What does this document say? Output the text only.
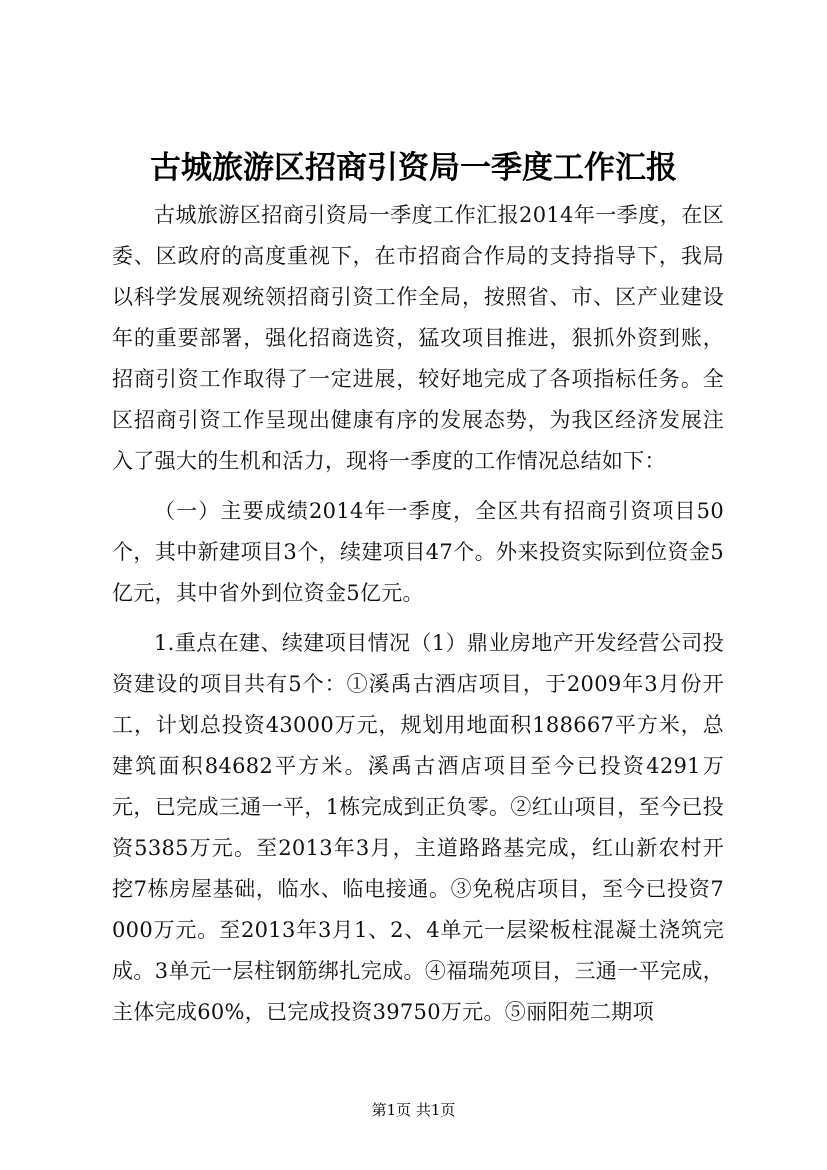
古城旅游区招商引资局一季度工作汇报

古城旅游区招商引资局一季度工作汇报2014年一季度，在区委、区政府的高度重视下，在市招商合作局的支持指导下，我局以科学发展观统领招商引资工作全局，按照省、市、区产业建设年的重要部署，强化招商选资，猛攻项目推进，狠抓外资到账，招商引资工作取得了一定进展，较好地完成了各项指标任务。全区招商引资工作呈现出健康有序的发展态势，为我区经济发展注入了强大的生机和活力，现将一季度的工作情况总结如下：

（一）主要成绩2014年一季度，全区共有招商引资项目50个，其中新建项目3个，续建项目47个。外来投资实际到位资金5亿元，其中省外到位资金5亿元。

1.重点在建、续建项目情况（1）鼎业房地产开发经营公司投资建设的项目共有5个：①溪禹古酒店项目，于2009年3月份开工，计划总投资43000万元，规划用地面积188667平方米，总建筑面积84682平方米。溪禹古酒店项目至今已投资4291万元，已完成三通一平，1栋完成到正负零。②红山项目，至今已投资5385万元。至2013年3月，主道路路基完成，红山新农村开挖7栋房屋基础，临水、临电接通。③免税店项目，至今已投资7000万元。至2013年3月1、2、4单元一层梁板柱混凝土浇筑完成。3单元一层柱钢筋绑扎完成。④福瑞苑项目，三通一平完成，主体完成60%，已完成投资39750万元。⑤丽阳苑二期项

第1页 共1页
